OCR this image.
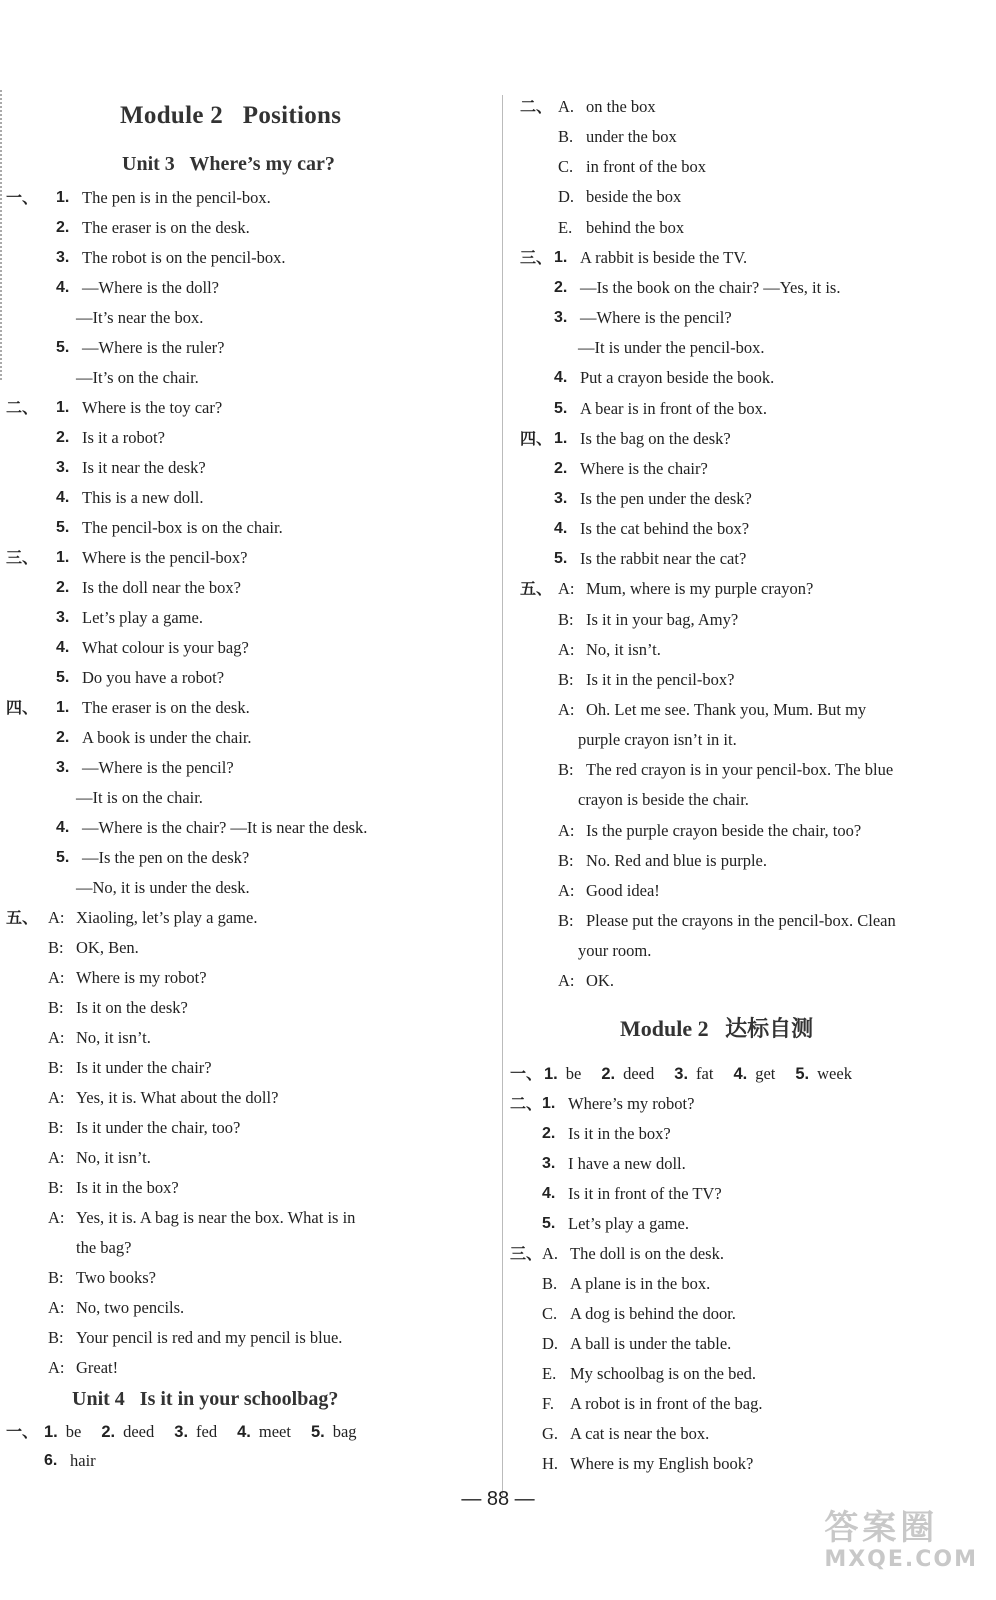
Module 2   Positions
Unit 3   Where’s my car?
一、 1. The pen is in the pencil-box.
2. The eraser is on the desk.
3. The robot is on the pencil-box.
4. —Where is the doll?
—It’s near the box.
5. —Where is the ruler?
—It’s on the chair.
二、 1. Where is the toy car?
2. Is it a robot?
3. Is it near the desk?
4. This is a new doll.
5. The pencil-box is on the chair.
三、 1. Where is the pencil-box?
2. Is the doll near the box?
3. Let’s play a game.
4. What colour is your bag?
5. Do you have a robot?
四、 1. The eraser is on the desk.
2. A book is under the chair.
3. —Where is the pencil?
—It is on the chair.
4. —Where is the chair? —It is near the desk.
5. —Is the pen on the desk?
—No, it is under the desk.
五、 A: Xiaoling, let’s play a game.
B: OK, Ben.
A: Where is my robot?
B: Is it on the desk?
A: No, it isn’t.
B: Is it under the chair?
A: Yes, it is. What about the doll?
B: Is it under the chair, too?
A: No, it isn’t.
B: Is it in the box?
A: Yes, it is. A bag is near the box. What is in
the bag?
B: Two books?
A: No, two pencils.
B: Your pencil is red and my pencil is blue.
A: Great!
Unit 4   Is it in your schoolbag?
一、 1. be 2. deed 3. fed 4. meet 5. bag
6. hair
二、 A. on the box
B. under the box
C. in front of the box
D. beside the box
E. behind the box
三、 1. A rabbit is beside the TV.
2. —Is the book on the chair? —Yes, it is.
3. —Where is the pencil?
—It is under the pencil-box.
4. Put a crayon beside the book.
5. A bear is in front of the box.
四、 1. Is the bag on the desk?
2. Where is the chair?
3. Is the pen under the desk?
4. Is the cat behind the box?
5. Is the rabbit near the cat?
五、 A: Mum, where is my purple crayon?
B: Is it in your bag, Amy?
A: No, it isn’t.
B: Is it in the pencil-box?
A: Oh. Let me see. Thank you, Mum. But my
purple crayon isn’t in it.
B: The red crayon is in your pencil-box. The blue
crayon is beside the chair.
A: Is the purple crayon beside the chair, too?
B: No. Red and blue is purple.
A: Good idea!
B: Please put the crayons in the pencil-box. Clean
your room.
A: OK.
Module 2   达标自测
一、 1. be 2. deed 3. fat 4. get 5. week
二、 1. Where’s my robot?
2. Is it in the box?
3. I have a new doll.
4. Is it in front of the TV?
5. Let’s play a game.
三、 A. The doll is on the desk.
B. A plane is in the box.
C. A dog is behind the door.
D. A ball is under the table.
E. My schoolbag is on the bed.
F. A robot is in front of the bag.
G. A cat is near the box.
H. Where is my English book?
— 88 —
答案圈
MXQE.COM
